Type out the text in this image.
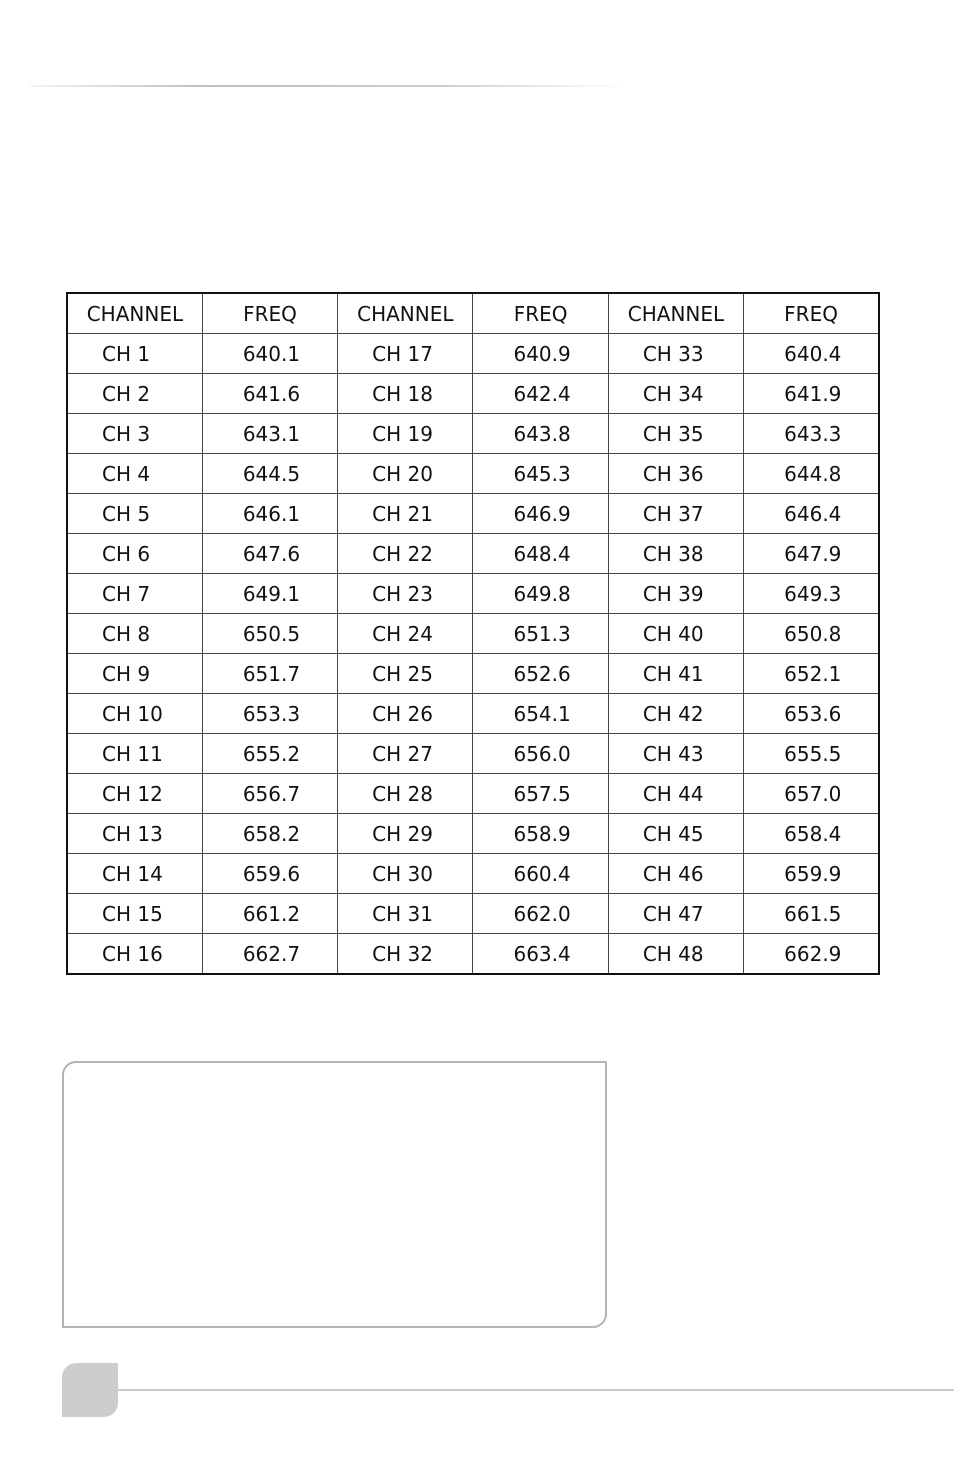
CHANNEL	FREQ	CHANNEL	FREQ	CHANNEL	FREQ
CH 1	640.1	CH 17	640.9	CH 33	640.4
CH 2	641.6	CH 18	642.4	CH 34	641.9
CH 3	643.1	CH 19	643.8	CH 35	643.3
CH 4	644.5	CH 20	645.3	CH 36	644.8
CH 5	646.1	CH 21	646.9	CH 37	646.4
CH 6	647.6	CH 22	648.4	CH 38	647.9
CH 7	649.1	CH 23	649.8	CH 39	649.3
CH 8	650.5	CH 24	651.3	CH 40	650.8
CH 9	651.7	CH 25	652.6	CH 41	652.1
CH 10	653.3	CH 26	654.1	CH 42	653.6
CH 11	655.2	CH 27	656.0	CH 43	655.5
CH 12	656.7	CH 28	657.5	CH 44	657.0
CH 13	658.2	CH 29	658.9	CH 45	658.4
CH 14	659.6	CH 30	660.4	CH 46	659.9
CH 15	661.2	CH 31	662.0	CH 47	661.5
CH 16	662.7	CH 32	663.4	CH 48	662.9
